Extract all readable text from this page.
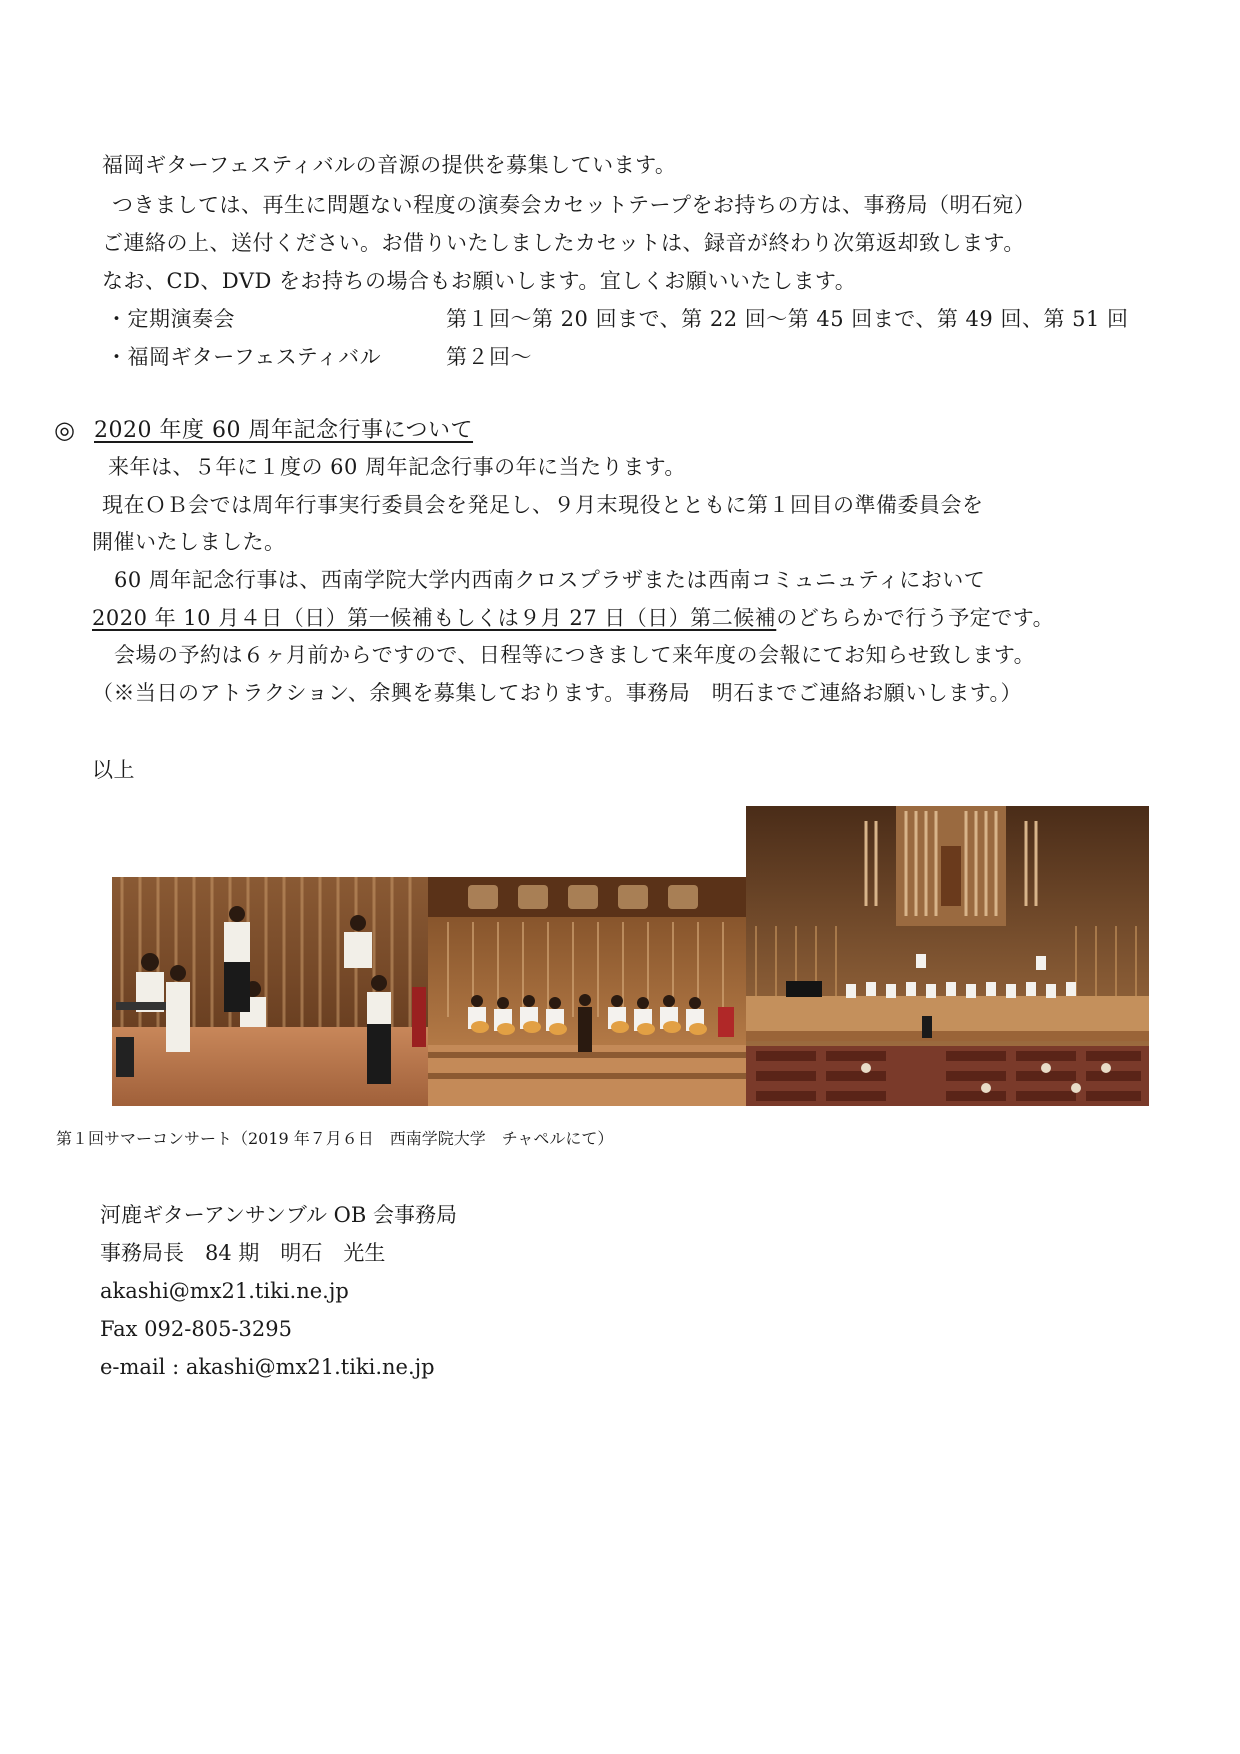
福岡ギターフェスティバルの音源の提供を募集しています。
つきましては、再生に問題ない程度の演奏会カセットテープをお持ちの方は、事務局（明石宛）
ご連絡の上、送付ください。お借りいたしましたカセットは、録音が終わり次第返却致します。
なお、CD、DVD をお持ちの場合もお願いします。宜しくお願いいたします。
・定期演奏会	第１回～第 20 回まで、第 22 回～第 45 回まで、第 49 回、第 51 回
・福岡ギターフェスティバル	第２回～
◎ 2020 年度 60 周年記念行事について
来年は、５年に１度の 60 周年記念行事の年に当たります。
現在ＯＢ会では周年行事実行委員会を発足し、９月末現役とともに第１回目の準備委員会を
開催いたしました。
60 周年記念行事は、西南学院大学内西南クロスプラザまたは西南コミュニュティにおいて
2020 年 10 月４日（日）第一候補もしくは９月 27 日（日）第二候補のどちらかで行う予定です。
会場の予約は６ヶ月前からですので、日程等につきまして来年度の会報にてお知らせ致します。
（※当日のアトラクション、余興を募集しております。事務局　明石までご連絡お願いします。）
以上
第１回サマーコンサート（2019 年７月６日　西南学院大学　チャペルにて）
河鹿ギターアンサンブル OB 会事務局
事務局長　84 期　明石　光生
akashi@mx21.tiki.ne.jp
Fax 092-805-3295
e-mail : akashi@mx21.tiki.ne.jp
